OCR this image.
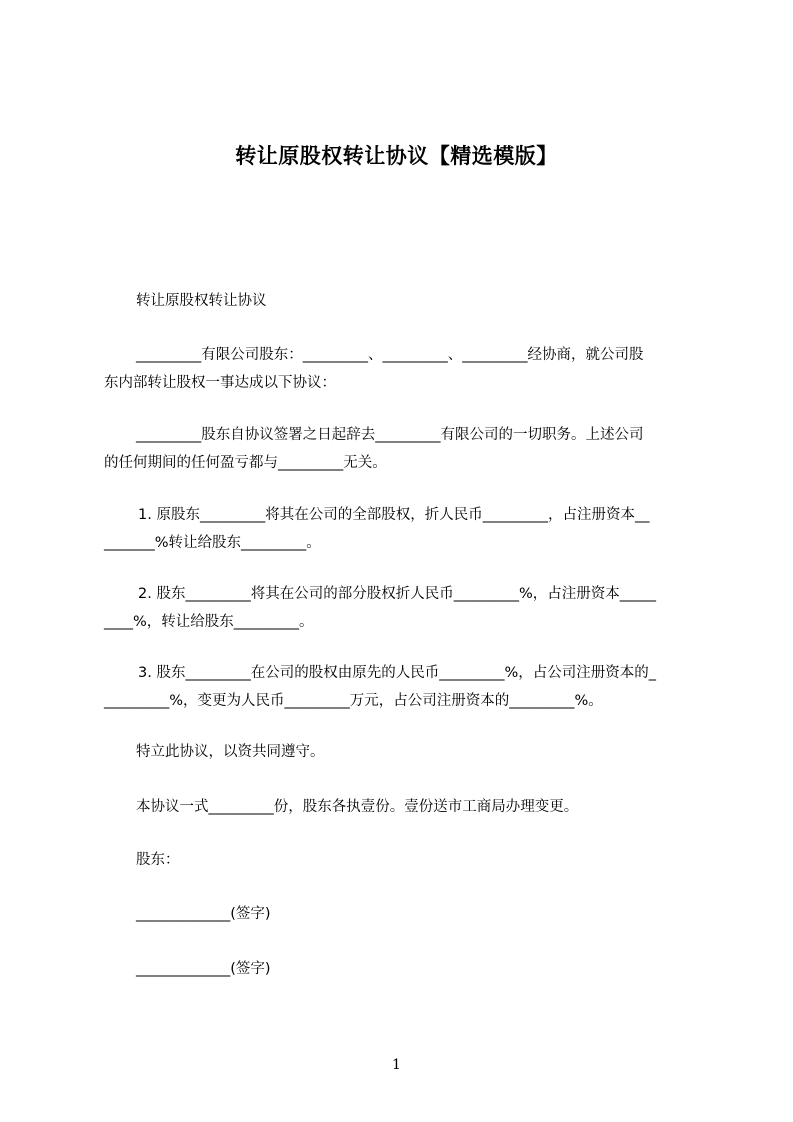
转让原股权转让协议【精选模版】
转让原股权转让协议
_________有限公司股东：_________、_________、_________经协商，就公司股
东内部转让股权一事达成以下协议：
_________股东自协议签署之日起辞去_________有限公司的一切职务。上述公司
的任何期间的任何盈亏都与_________无关。
1. 原股东_________将其在公司的全部股权，折人民币_________，占注册资本__
_______%转让给股东_________。
2. 股东_________将其在公司的部分股权折人民币_________%，占注册资本_____
____%，转让给股东_________。
3. 股东_________在公司的股权由原先的人民币_________%，占公司注册资本的_
_________%，变更为人民币_________万元，占公司注册资本的_________%。
特立此协议，以资共同遵守。
本协议一式_________份，股东各执壹份。壹份送市工商局办理变更。
股东：
_____________(签字)
_____________(签字)
1
